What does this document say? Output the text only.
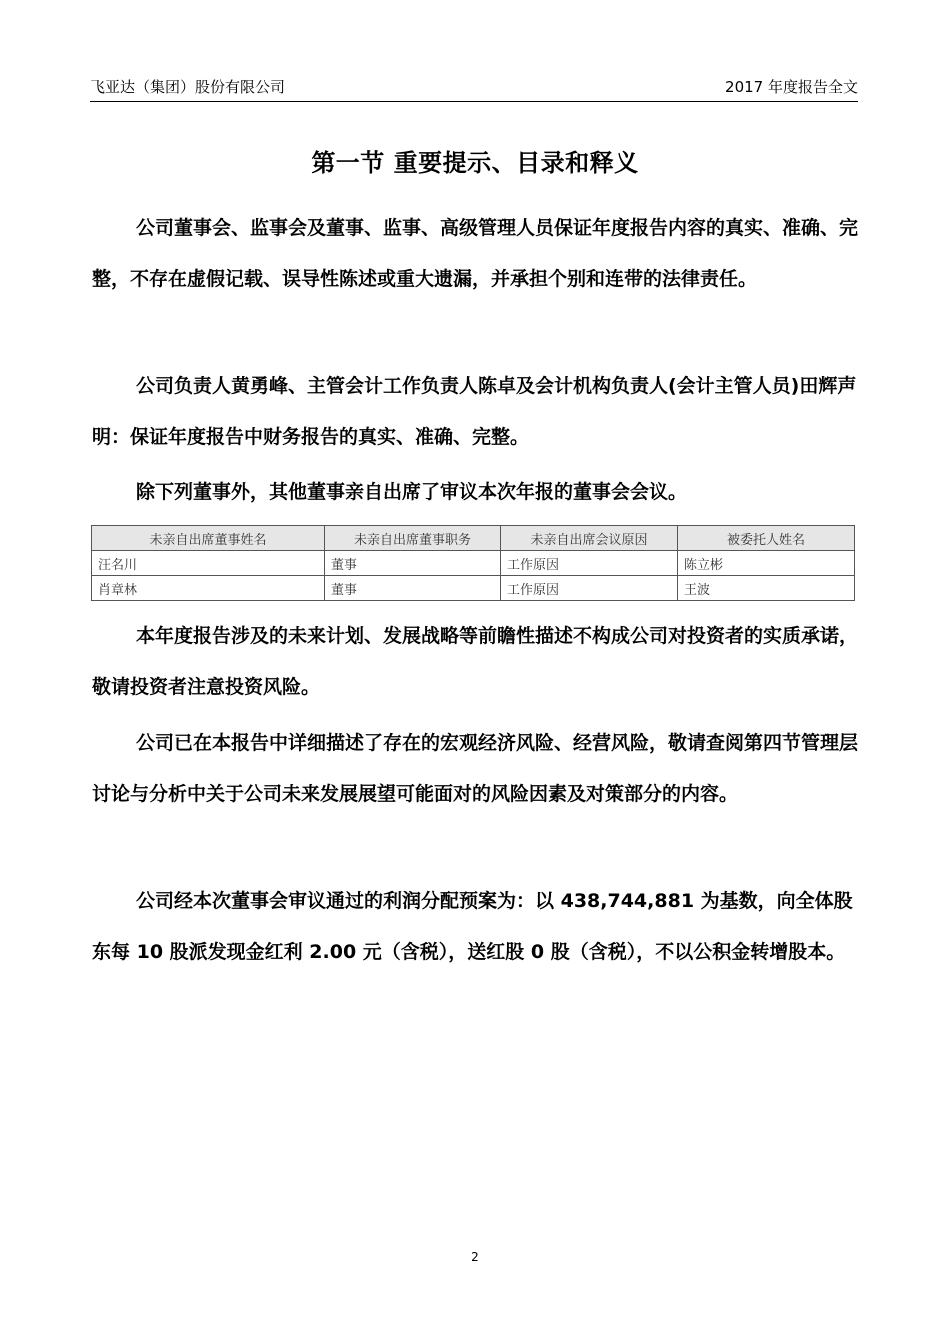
飞亚达（集团）股份有限公司	2017 年度报告全文
第一节 重要提示、目录和释义

公司董事会、监事会及董事、监事、高级管理人员保证年度报告内容的真实、准确、完整，不存在虚假记载、误导性陈述或重大遗漏，并承担个别和连带的法律责任。

公司负责人黄勇峰、主管会计工作负责人陈卓及会计机构负责人(会计主管人员)田辉声明：保证年度报告中财务报告的真实、准确、完整。

除下列董事外，其他董事亲自出席了审议本次年报的董事会会议。

未亲自出席董事姓名	未亲自出席董事职务	未亲自出席会议原因	被委托人姓名
汪名川	董事	工作原因	陈立彬
肖章林	董事	工作原因	王波

本年度报告涉及的未来计划、发展战略等前瞻性描述不构成公司对投资者的实质承诺，敬请投资者注意投资风险。

公司已在本报告中详细描述了存在的宏观经济风险、经营风险，敬请查阅第四节管理层讨论与分析中关于公司未来发展展望可能面对的风险因素及对策部分的内容。

公司经本次董事会审议通过的利润分配预案为：以 438,744,881 为基数，向全体股东每 10 股派发现金红利 2.00 元（含税），送红股 0 股（含税），不以公积金转增股本。

2
